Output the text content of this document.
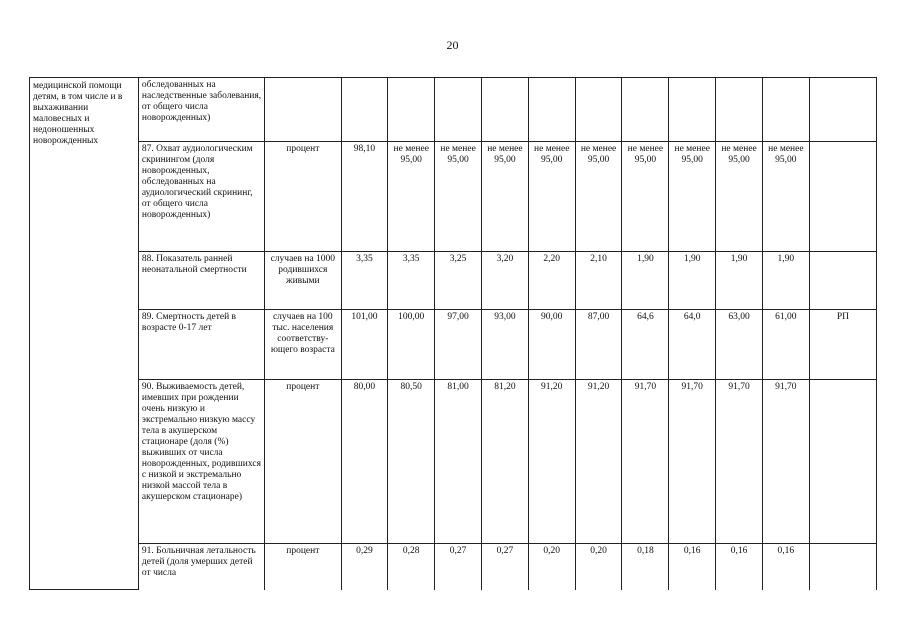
20
медицинской помощи детям, в том числе и в выхаживании маловесных и недоношенных новорожденных	обследованных на наследственные заболевания, от общего числа новорожденных)												
	87. Охват аудиологическим скринингом (доля новорожденных, обследованных на аудиологический скрининг, от общего числа новорожденных)	процент	98,10	не менее 95,00	не менее 95,00	не менее 95,00	не менее 95,00	не менее 95,00	не менее 95,00	не менее 95,00	не менее 95,00	не менее 95,00	
	88. Показатель ранней неонатальной смертности	случаев на 1000 родившихся живыми	3,35	3,35	3,25	3,20	2,20	2,10	1,90	1,90	1,90	1,90	
	89. Смертность детей в возрасте 0-17 лет	случаев на 100 тыс. населения соответству-ющего возраста	101,00	100,00	97,00	93,00	90,00	87,00	64,6	64,0	63,00	61,00	РП
	90. Выживаемость детей, имевших при рождении очень низкую и экстремально низкую массу тела в акушерском стационаре (доля (%) выживших от числа новорожденных, родившихся с низкой и экстремально низкой массой тела в акушерском стационаре)	процент	80,00	80,50	81,00	81,20	91,20	91,20	91,70	91,70	91,70	91,70	
	91. Больничная летальность детей (доля умерших детей от числа	процент	0,29	0,28	0,27	0,27	0,20	0,20	0,18	0,16	0,16	0,16	
